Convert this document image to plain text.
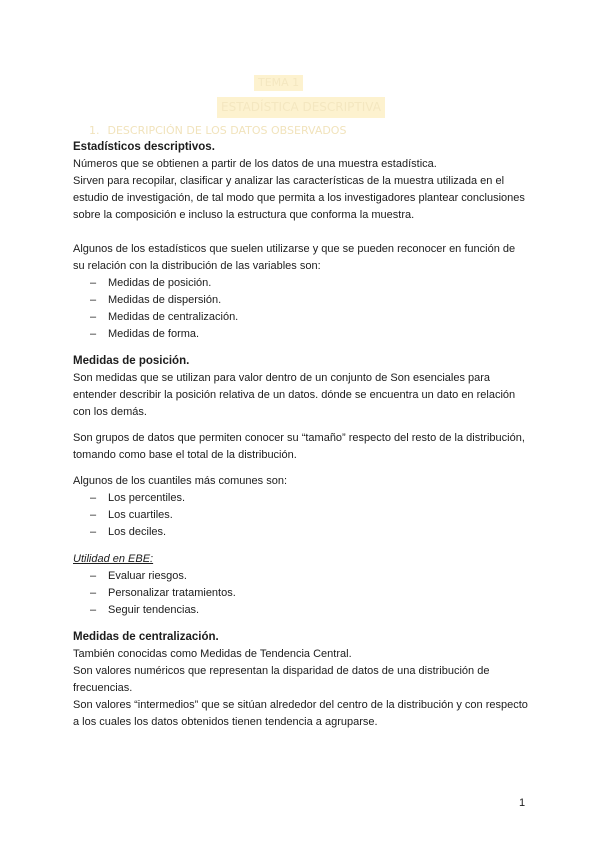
TEMA 1
ESTADÍSTICA DESCRIPTIVA
1. DESCRIPCIÓN DE LOS DATOS OBSERVADOS

Estadísticos descriptivos.

Números que se obtienen a partir de los datos de una muestra estadística.

Sirven para recopilar, clasificar y analizar las características de la muestra utilizada en el estudio de investigación, de tal modo que permita a los investigadores plantear conclusiones sobre la composición e incluso la estructura que conforma la muestra.

Algunos de los estadísticos que suelen utilizarse y que se pueden reconocer en función de su relación con la distribución de las variables son:

– Medidas de posición.
– Medidas de dispersión.
– Medidas de centralización.
– Medidas de forma.

Medidas de posición.

Son medidas que se utilizan para valor dentro de un conjunto de Son esenciales para entender describir la posición relativa de un datos. dónde se encuentra un dato en relación con los demás.

Son grupos de datos que permiten conocer su “tamaño” respecto del resto de la distribución, tomando como base el total de la distribución.

Algunos de los cuantiles más comunes son:

– Los percentiles.
– Los cuartiles.
– Los deciles.

Utilidad en EBE:

– Evaluar riesgos.
– Personalizar tratamientos.
– Seguir tendencias.

Medidas de centralización.

También conocidas como Medidas de Tendencia Central.

Son valores numéricos que representan la disparidad de datos de una distribución de frecuencias.

Son valores “intermedios” que se sitúan alrededor del centro de la distribución y con respecto a los cuales los datos obtenidos tienen tendencia a agruparse.

1
